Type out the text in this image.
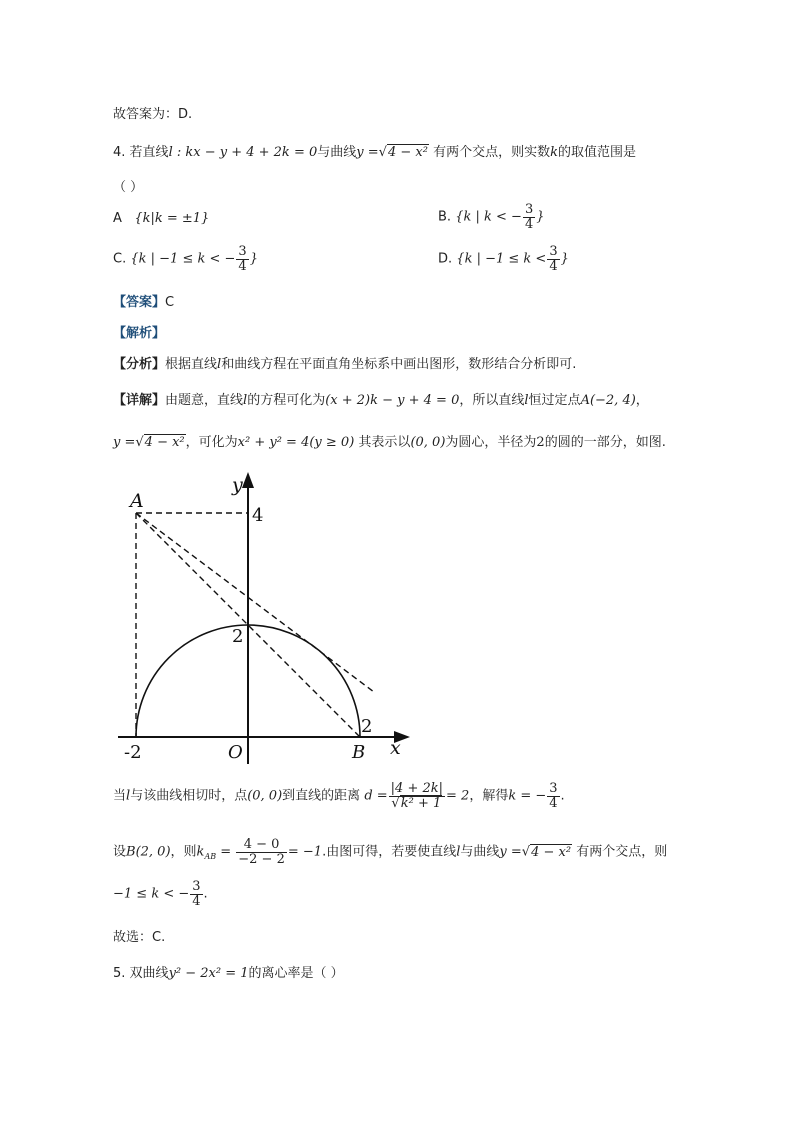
故答案为：D.
4. 若直线l : kx − y + 4 + 2k = 0与曲线y =√4 − x² 有两个交点，则实数k的取值范围是
（ ）
A {k|k = ±1}	B. {k | k < − $\frac{3}{4}$ }
C. {k | −1 ≤ k < − $\frac{3}{4}$ }	D. {k | $-1 \le k < \frac{3}{4}$ }
【答案】C
【解析】
【分析】根据直线l和曲线方程在平面直角坐标系中画出图形，数形结合分析即可.
【详解】由题意，直线l的方程可化为(x + 2)k − y + 4 = 0，所以直线l恒过定点A(−2, 4)，
y =√4 − x²，可化为x² + y² = 4(y ≥ 0) 其表示以(0, 0)为圆心，半径为2的圆的一部分，如图.
A
y
4
2
-2	O	B
2
x
当l与该曲线相切时，点(0, 0)到直线的距离 $d = \frac{|4 + 2k|}{\text{√k² + 1}} = 2$，解得k = − $\frac{3}{4}$ .
设B(2, 0)，则$k_{AB} = \frac{4 - 0}{-2 - 2} = -1$.由图可得，若要使直线l与曲线y =√4 − x² 有两个交点，则
−1 ≤ k < − $\frac{3}{4}$ .
故选：C.
5. 双曲线y² − 2x² = 1的离心率是（ ）
